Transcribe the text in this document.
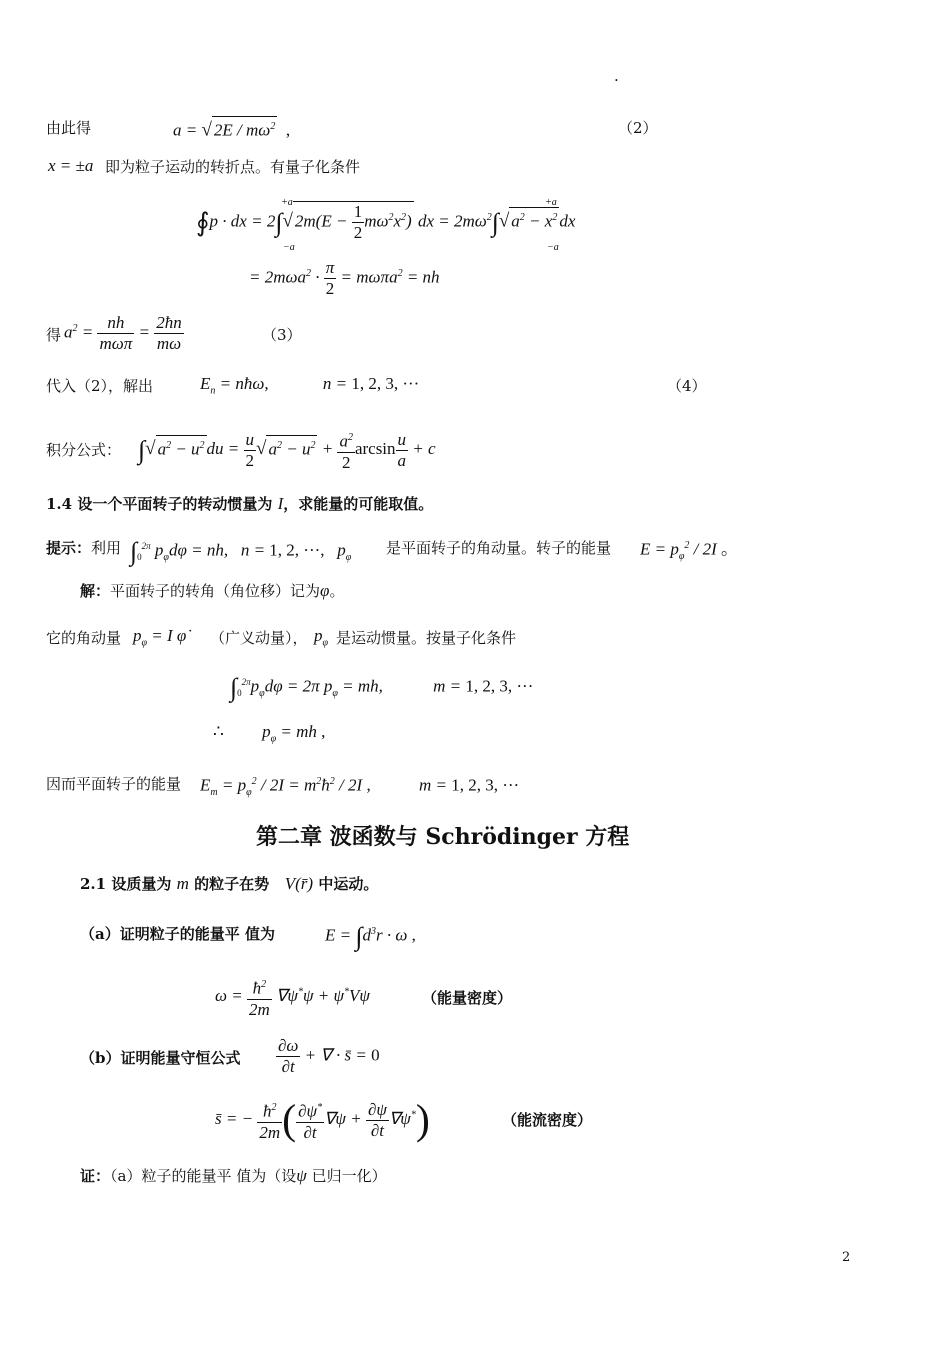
.
由此得	a = √ $2E / m\omega^2$ ,	（2）
x = ±a 即为粒子运动的转折点。有量子化条件
∮p · dx = 2∫√ $2m(E - \frac{1}{2} m\omega^2x^2)$ dx = $2m\omega^2\int√$ $a^2 - x^2$ dx
+a
−a
+a
−a
= $2m\omega a^2 \cdot \frac{\pi}{2} = m\omega\pi a^2$ = nh
得 $a^2 = \frac{nh}{\text{mωπ}} = \frac{2ħn}{m\omega}$	（3）
代入（2），解出	$E_n$ = nħω,	n = 1, 2, 3, ···	（4）
积分公式： ∫√ $a^2 - u^2$ du = $\frac{u}{2}$ √ $a^2 - u^2 + \frac{a^2}{2}$ $\arcsin \frac{u}{a} + c$
1.4 设一个平面转子的转动惯量为 I，求能量的可能取值。
提示：利用 $\int_0^{2\pi}$ $p_\varphi d\varphi$ = nh,   n = 1, 2, ···,   $p_\varphi$
是平面转子的角动量。转子的能量 $E = p_\varphi^2 / 2I$ 。
解：平面转子的转角（角位移）记为φ。
它的角动量 $p_\varphi = I$ φ̇ （广义动量）， $p_\varphi$ 是运动惯量。按量子化条件
$\int_0^{2\pi}p_\varphi d\varphi = 2\pi$ $p_\varphi$ = mh,	m = 1, 2, 3, ···
∴ $p_\varphi$ = mh ,
因而平面转子的能量 $E_m = p_\varphi^2 / 2I$ = $m^2ħ^2 / 2I$ ,	m = 1, 2, 3, ···
第二章 波函数与 Schrödinger 方程
2.1 设质量为 m 的粒子在势 V(r̄) 中运动。
（a）证明粒子的能量平 值为	$E = \int d^3r \cdot \omega$ ,
$\omega = \frac{ħ^2}{2m} \nabla\psi^*\psi + \psi^*V\psi$	（能量密度）
（b）证明能量守恒公式 $\frac{\partial\omega}{\partial t}$ + ∇ · s̄ = 0
s̄ = − $\frac{ħ^2}{2m}$ ( $\frac{\partial\psi^*}{\partial t} \nabla\psi + \frac{\partial\psi}{\partial t} \nabla\psi^*$)	（能流密度）
证：（a）粒子的能量平 值为（设ψ 已归一化）
2
